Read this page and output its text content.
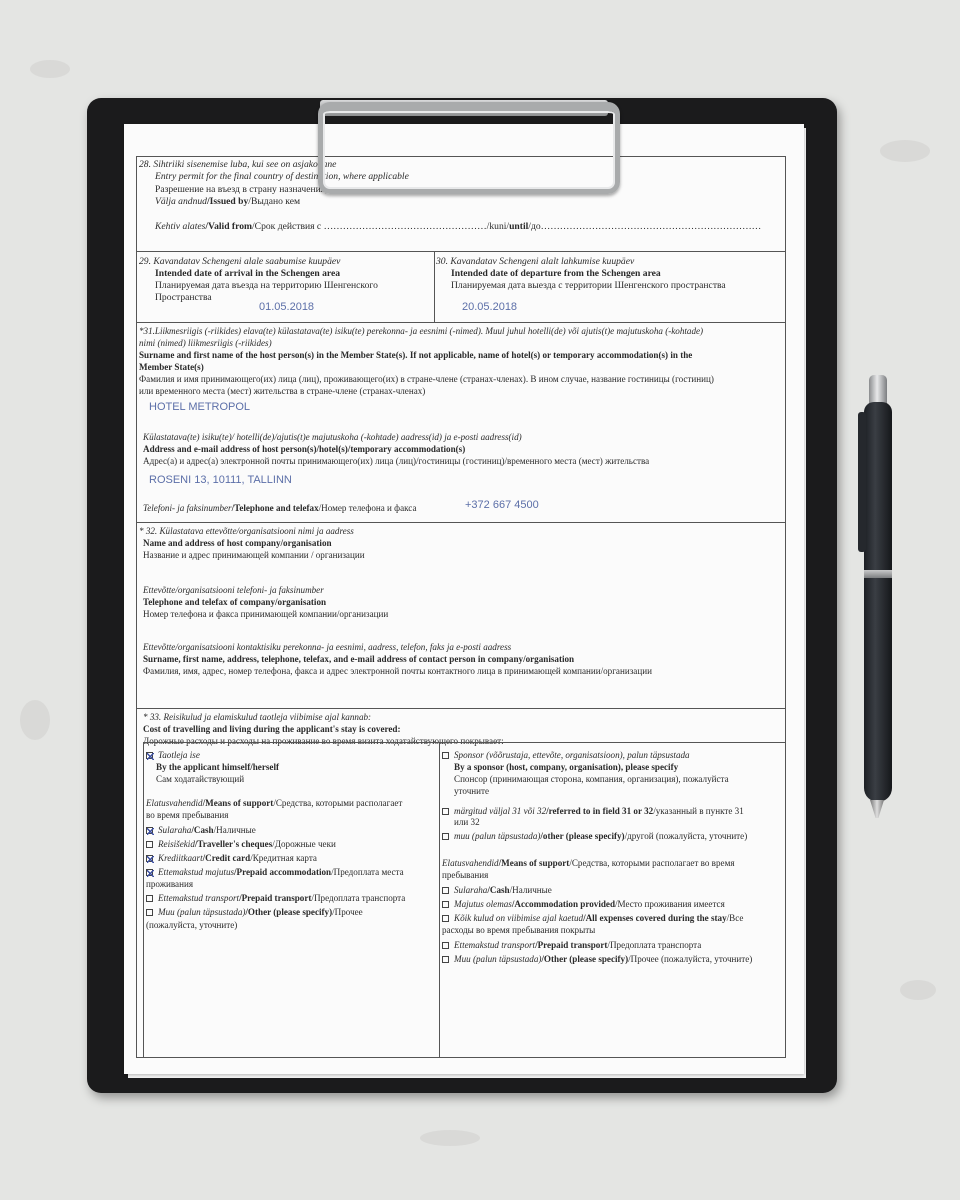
28. Sihtriiki sisenemise luba, kui see on asjakohane
Entry permit for the final country of destination, where applicable
Разрешение на въезд в страну назначения, если применимо
Välja andnud/Issued by/Выдано кем
Kehtiv alates/Valid from/Срок действия с ……………………………………………/kuni/until/до……………………………………………………………
29. Kavandatav Schengeni alale saabumise kuupäev
Intended date of arrival in the Schengen area
Планируемая дата въезда на территорию Шенгенского
Пространства
01.05.2018
30. Kavandatav Schengeni alalt lahkumise kuupäev
Intended date of departure from the Schengen area
Планируемая дата выезда с территории Шенгенского пространства
20.05.2018
*31.Liikmesriigis (-riikides) elava(te) külastatava(te) isiku(te) perekonna- ja eesnimi (-nimed). Muul juhul hotelli(de) või ajutis(t)e majutuskoha (-kohtade)
nimi (nimed) liikmesriigis (-riikides)
Surname and first name of the host person(s) in the Member State(s). If not applicable, name of hotel(s) or temporary accommodation(s) in the
Member State(s)
Фамилия и имя принимающего(их) лица (лиц), проживающего(их) в стране-члене (странах-членах). В ином случае, название гостиницы (гостиниц)
или временного места (мест) жительства в стране-члене (странах-членах)
HOTEL METROPOL
Külastatava(te) isiku(te)/ hotelli(de)/ajutis(t)e majutuskoha (-kohtade) aadress(id) ja e-posti aadress(id)
Address and e-mail address of host person(s)/hotel(s)/temporary accommodation(s)
Адрес(а) и адрес(а) электронной почты принимающего(их) лица (лиц)/гостиницы (гостиниц)/временного места (мест) жительства
ROSENI 13, 10111, TALLINN
Telefoni- ja faksinumber/Telephone and telefax/Номер телефона и факса	+372 667 4500
* 32. Külastatava ettevõtte/organisatsiooni nimi ja aadress
Name and address of host company/organisation
Название и адрес принимающей компании / организации
Ettevõtte/organisatsiooni telefoni- ja faksinumber
Telephone and telefax of company/organisation
Номер телефона и факса принимающей компании/организации
Ettevõtte/organisatsiooni kontaktisiku perekonna- ja eesnimi, aadress, telefon, faks ja e-posti aadress
Surname, first name, address, telephone, telefax, and e-mail address of contact person in company/organisation
Фамилия, имя, адрес, номер телефона, факса и адрес электронной почты контактного лица в принимающей компании/организации
* 33. Reisikulud ja elamiskulud taotleja viibimise ajal kannab:
Cost of travelling and living during the applicant's stay is covered:
Дорожные расходы и расходы на проживание во время визита ходатайствующего покрывает:
Taotleja ise
By the applicant himself/herself
Сам ходатайствующий
Elatusvahendid/Means of support/Средства, которыми располагает
во время пребывания
Sularaha/Cash/Наличные
Reisišekid/Traveller's cheques/Дорожные чеки
Krediitkaart/Credit card/Кредитная карта
Ettemakstud majutus/Prepaid accommodation/Предоплата места
проживания
Ettemakstud transport/Prepaid transport/Предоплата транспорта
Muu (palun täpsustada)/Other (please specify)/Прочее
(пожалуйста, уточните)
Sponsor (võõrustaja, ettevõte, organisatsioon), palun täpsustada
By a sponsor (host, company, organisation), please specify
Спонсор (принимающая сторона, компания, организация), пожалуйста
уточните
märgitud väljal 31 või 32/referred to in field 31 or 32/указанный в пункте 31
или 32
muu (palun täpsustada)/other (please specify)/другой (пожалуйста, уточните)
Elatusvahendid/Means of support/Средства, которыми располагает во время
пребывания
Sularaha/Cash/Наличные
Majutus olemas/Accommodation provided/Место проживания имеется
Kõik kulud on viibimise ajal kaetud/All expenses covered during the stay/Все
расходы во время пребывания покрыты
Ettemakstud transport/Prepaid transport/Предоплата транспорта
Muu (palun täpsustada)/Other (please specify)/Прочее (пожалуйста, уточните)
